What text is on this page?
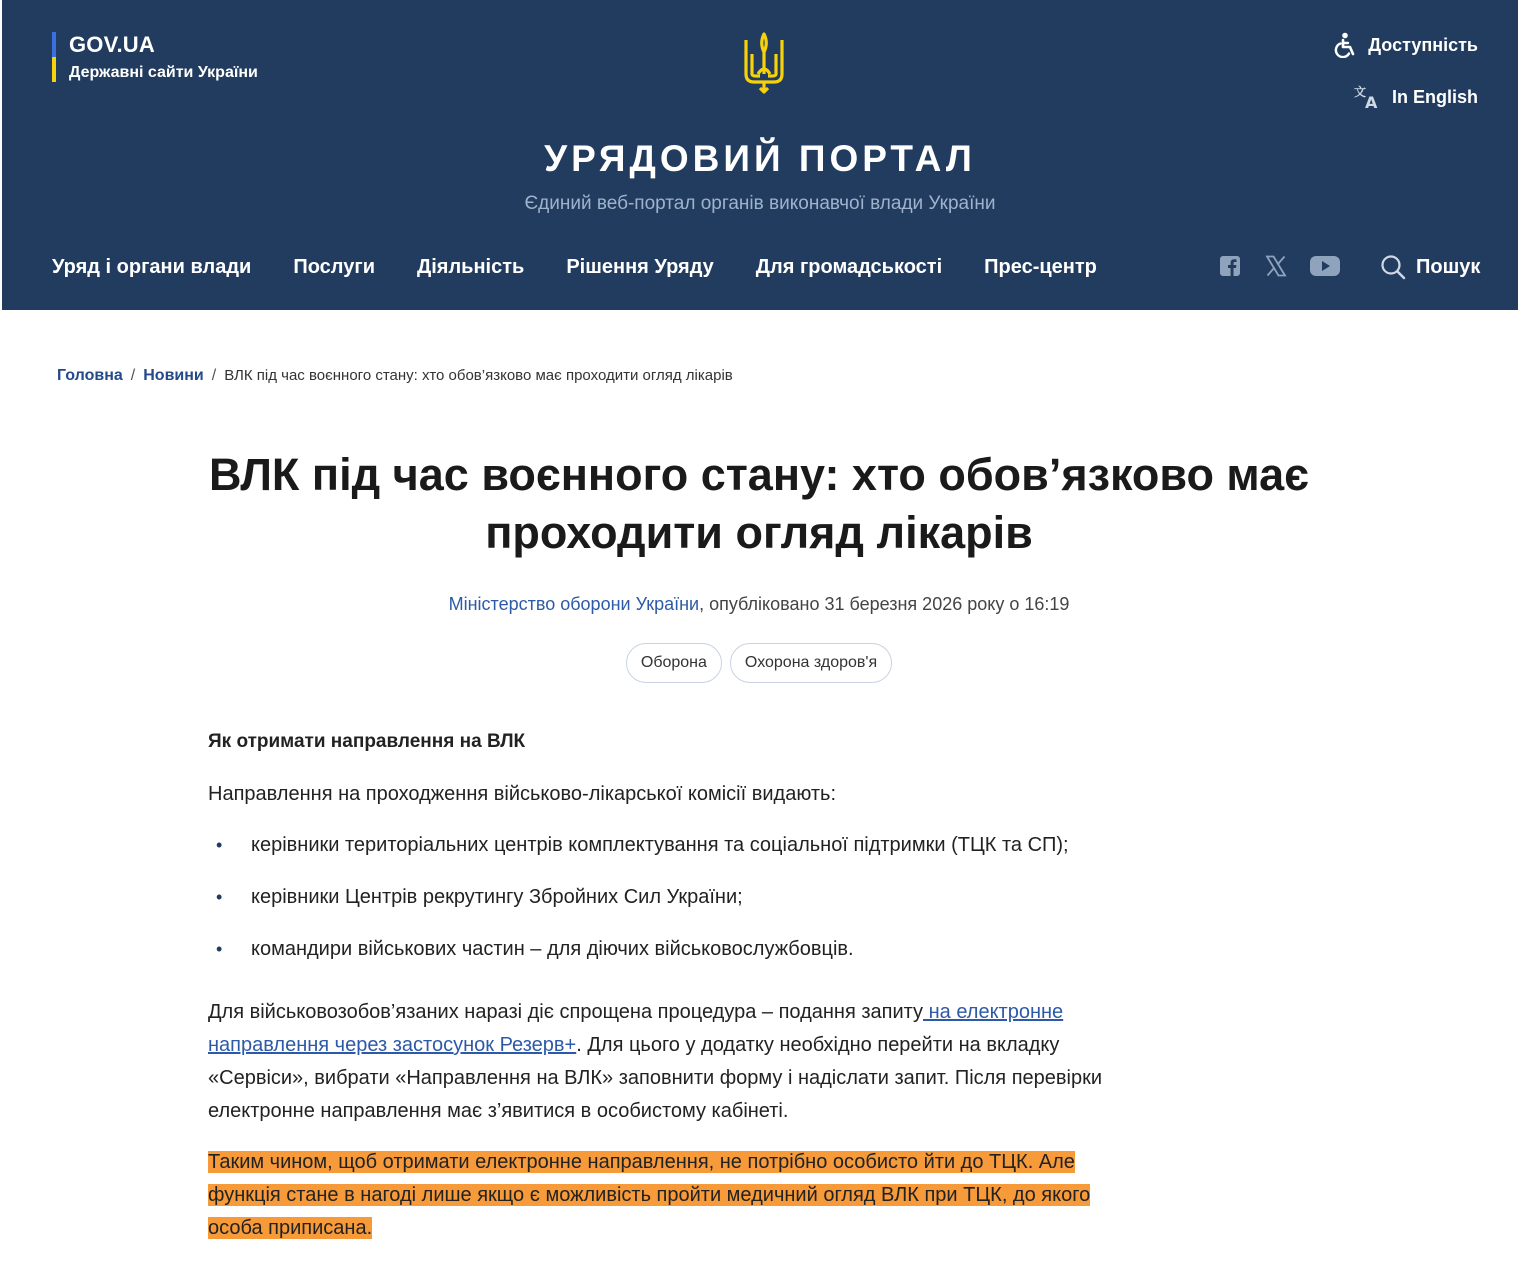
GOV.UA
Державні сайти України
Доступність
文
A In English
УРЯДОВИЙ ПОРТАЛ
Єдиний веб-портал органів виконавчої влади України
Уряд і органи влади Послуги Діяльність Рішення Уряду Для громадськості Прес-центр	Пошук
Головна / Новини / ВЛК під час воєнного стану: хто обов’язково має проходити огляд лікарів
ВЛК під час воєнного стану: хто обов’язково має проходити огляд лікарів
Міністерство оборони України, опубліковано 31 березня 2026 року о 16:19
Оборона	Охорона здоров'я
Як отримати направлення на ВЛК

Направлення на проходження військово-лікарської комісії видають:

• керівники територіальних центрів комплектування та соціальної підтримки (ТЦК та СП);
• керівники Центрів рекрутингу Збройних Сил України;
• командири військових частин – для діючих військовослужбовців.

Для військовозобов’язаних наразі діє спрощена процедура – подання запиту на електронне направлення через застосунок Резерв+. Для цього у додатку необхідно перейти на вкладку «Сервіси», вибрати «Направлення на ВЛК» заповнити форму і надіслати запит. Після перевірки електронне направлення має з’явитися в особистому кабінеті.

Таким чином, щоб отримати електронне направлення, не потрібно особисто йти до ТЦК. Але функція стане в нагоді лише якщо є можливість пройти медичний огляд ВЛК при ТЦК, до якого особа приписана.
